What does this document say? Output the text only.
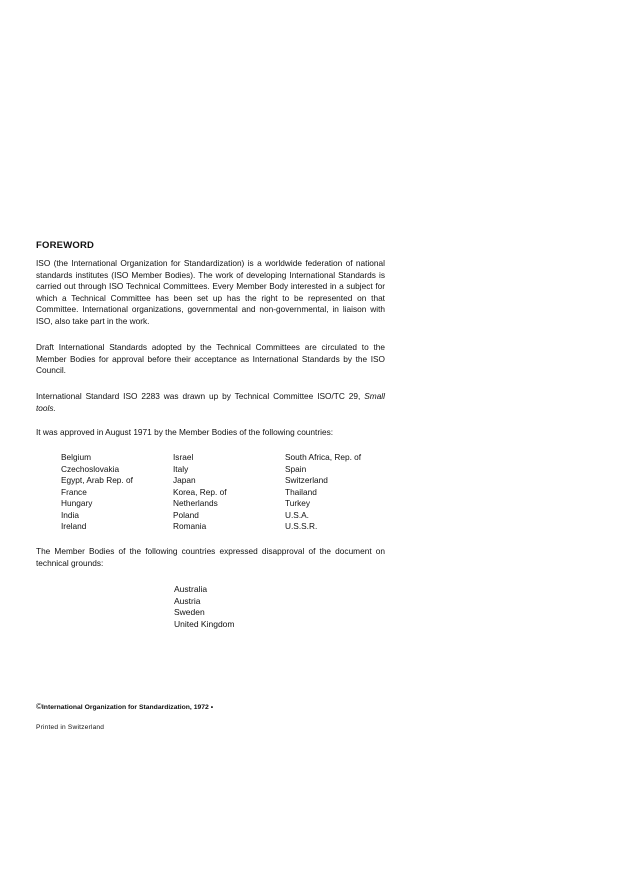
FOREWORD

ISO (the International Organization for Standardization) is a worldwide federation of national standards institutes (ISO Member Bodies). The work of developing International Standards is carried out through ISO Technical Committees. Every Member Body interested in a subject for which a Technical Committee has been set up has the right to be represented on that Committee. International organizations, governmental and non-governmental, in liaison with ISO, also take part in the work.

Draft International Standards adopted by the Technical Committees are circulated to the Member Bodies for approval before their acceptance as International Standards by the ISO Council.

International Standard ISO 2283 was drawn up by Technical Committee ISO/TC 29, Small tools.

It was approved in August 1971 by the Member Bodies of the following countries:

Belgium
Czechoslovakia
Egypt, Arab Rep. of
France
Hungary
India
Ireland
Israel
Italy
Japan
Korea, Rep. of
Netherlands
Poland
Romania
South Africa, Rep. of
Spain
Switzerland
Thailand
Turkey
U.S.A.
U.S.S.R.

The Member Bodies of the following countries expressed disapproval of the document on technical grounds:

Australia
Austria
Sweden
United Kingdom
©International Organization for Standardization, 1972 •
Printed in Switzerland
